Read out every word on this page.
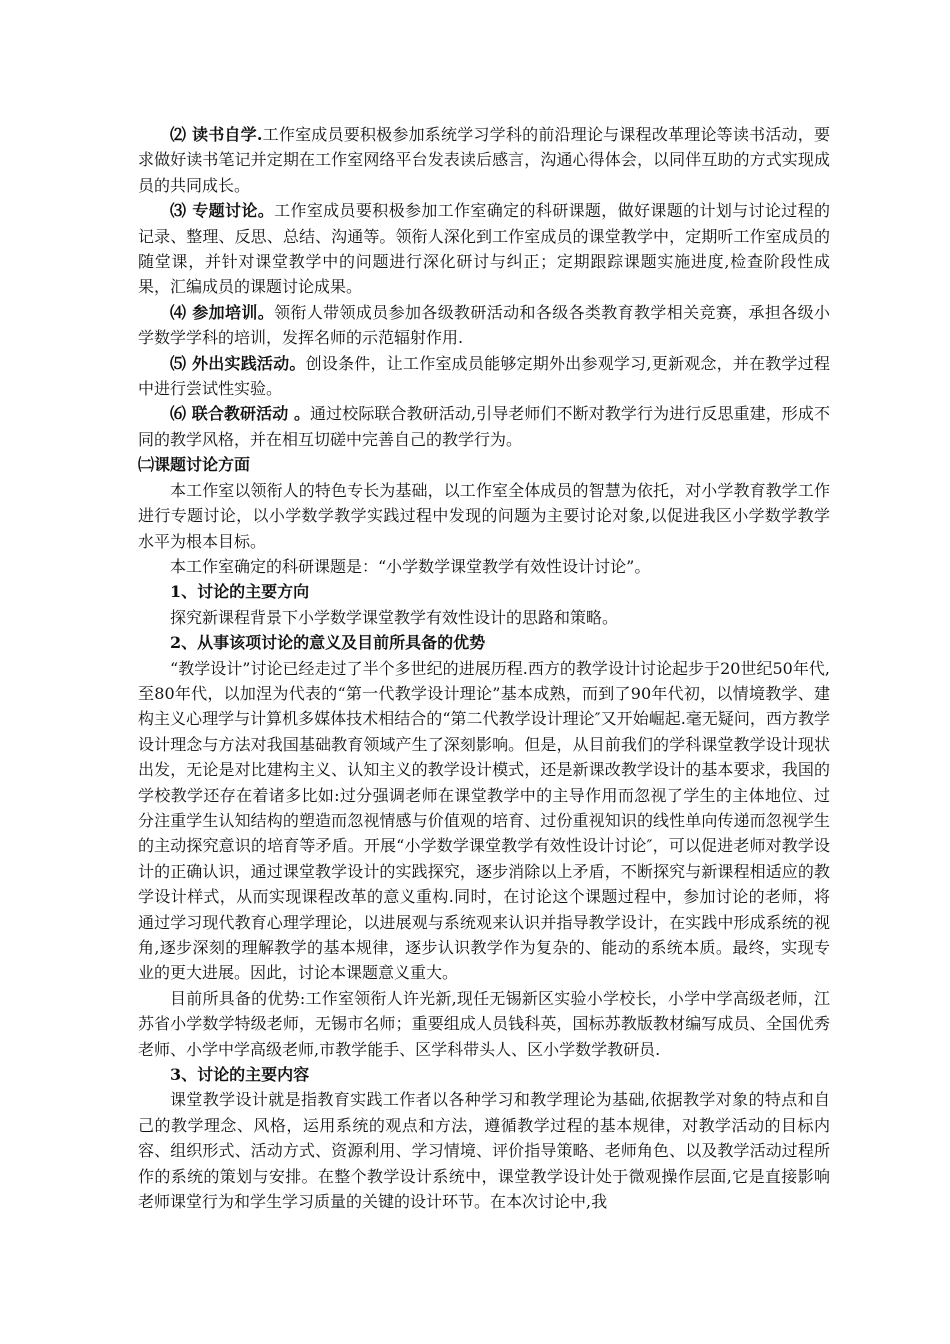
⑵ 读书自学.工作室成员要积极参加系统学习学科的前沿理论与课程改革理论等读书活动，要求做好读书笔记并定期在工作室网络平台发表读后感言，沟通心得体会，以同伴互助的方式实现成员的共同成长。

⑶ 专题讨论。工作室成员要积极参加工作室确定的科研课题，做好课题的计划与讨论过程的记录、整理、反思、总结、沟通等。领衔人深化到工作室成员的课堂教学中，定期听工作室成员的随堂课，并针对课堂教学中的问题进行深化研讨与纠正；定期跟踪课题实施进度,检查阶段性成果，汇编成员的课题讨论成果。

⑷ 参加培训。领衔人带领成员参加各级教研活动和各级各类教育教学相关竞赛，承担各级小学数学学科的培训，发挥名师的示范辐射作用.

⑸ 外出实践活动。创设条件，让工作室成员能够定期外出参观学习,更新观念，并在教学过程中进行尝试性实验。

⑹ 联合教研活动 。通过校际联合教研活动,引导老师们不断对教学行为进行反思重建，形成不同的教学风格，并在相互切磋中完善自己的教学行为。

㈡课题讨论方面

本工作室以领衔人的特色专长为基础，以工作室全体成员的智慧为依托，对小学教育教学工作进行专题讨论，以小学数学教学实践过程中发现的问题为主要讨论对象,以促进我区小学数学教学水平为根本目标。

本工作室确定的科研课题是：“小学数学课堂教学有效性设计讨论”。

1、讨论的主要方向

探究新课程背景下小学数学课堂教学有效性设计的思路和策略。

2、从事该项讨论的意义及目前所具备的优势

“教学设计”讨论已经走过了半个多世纪的进展历程.西方的教学设计讨论起步于20世纪50年代,至80年代，以加涅为代表的“第一代教学设计理论”基本成熟，而到了90年代初，以情境教学、建构主义心理学与计算机多媒体技术相结合的“第二代教学设计理论″又开始崛起.毫无疑问，西方教学设计理念与方法对我国基础教育领域产生了深刻影响。但是，从目前我们的学科课堂教学设计现状出发，无论是对比建构主义、认知主义的教学设计模式，还是新课改教学设计的基本要求，我国的学校教学还存在着诸多比如:过分强调老师在课堂教学中的主导作用而忽视了学生的主体地位、过分注重学生认知结构的塑造而忽视情感与价值观的培育、过份重视知识的线性单向传递而忽视学生的主动探究意识的培育等矛盾。开展“小学数学课堂教学有效性设计讨论″，可以促进老师对教学设计的正确认识，通过课堂教学设计的实践探究，逐步消除以上矛盾，不断探究与新课程相适应的教学设计样式，从而实现课程改革的意义重构.同时，在讨论这个课题过程中，参加讨论的老师，将通过学习现代教育心理学理论，以进展观与系统观来认识并指导教学设计，在实践中形成系统的视角,逐步深刻的理解教学的基本规律，逐步认识教学作为复杂的、能动的系统本质。最终，实现专业的更大进展。因此，讨论本课题意义重大。

目前所具备的优势:工作室领衔人许光新,现任无锡新区实验小学校长，小学中学高级老师，江苏省小学数学特级老师，无锡市名师；重要组成人员钱科英，国标苏教版教材编写成员、全国优秀老师、小学中学高级老师,市教学能手、区学科带头人、区小学数学教研员.

3、讨论的主要内容

课堂教学设计就是指教育实践工作者以各种学习和教学理论为基础,依据教学对象的特点和自己的教学理念、风格，运用系统的观点和方法，遵循教学过程的基本规律，对教学活动的目标内容、组织形式、活动方式、资源利用、学习情境、评价指导策略、老师角色、以及教学活动过程所作的系统的策划与安排。在整个教学设计系统中，课堂教学设计处于微观操作层面,它是直接影响老师课堂行为和学生学习质量的关键的设计环节。在本次讨论中,我
